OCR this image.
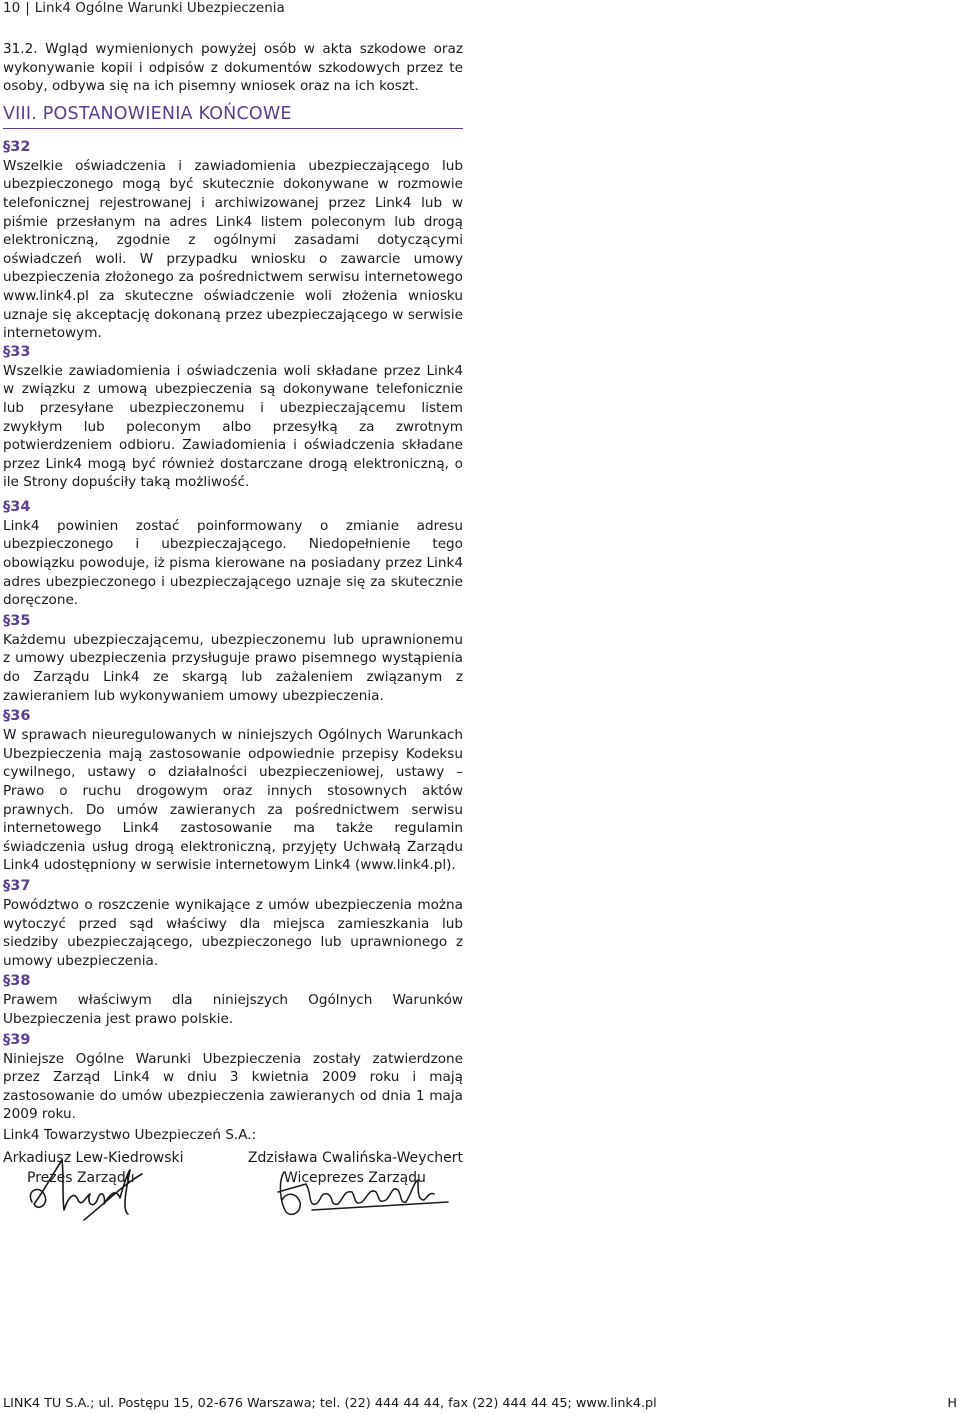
10 | Link4 Ogólne Warunki Ubezpieczenia

31.2. Wgląd wymienionych powyżej osób w akta szkodowe oraz wykonywanie kopii i odpisów z dokumentów szkodowych przez te osoby, odbywa się na ich pisemny wniosek oraz na ich koszt.

VIII. POSTANOWIENIA KOŃCOWE

§32

Wszelkie oświadczenia i zawiadomienia ubezpieczającego lub ubezpieczonego mogą być skutecznie dokonywane w rozmowie telefonicznej rejestrowanej i archiwizowanej przez Link4 lub w piśmie przesłanym na adres Link4 listem poleconym lub drogą elektroniczną, zgodnie z ogólnymi zasadami dotyczącymi oświadczeń woli. W przypadku wniosku o zawarcie umowy ubezpieczenia złożonego za pośrednictwem serwisu internetowego www.link4.pl za skuteczne oświadczenie woli złożenia wniosku uznaje się akceptację dokonaną przez ubezpieczającego w serwisie internetowym.

§33

Wszelkie zawiadomienia i oświadczenia woli składane przez Link4 w związku z umową ubezpieczenia są dokonywane telefonicznie lub przesyłane ubezpieczonemu i ubezpieczającemu listem zwykłym lub poleconym albo przesyłką za zwrotnym potwierdzeniem odbioru. Zawiadomienia i oświadczenia składane przez Link4 mogą być również dostarczane drogą elektroniczną, o ile Strony dopuściły taką możliwość.

§34

Link4 powinien zostać poinformowany o zmianie adresu ubezpieczonego i ubezpieczającego. Niedopełnienie tego obowiązku powoduje, iż pisma kierowane na posiadany przez Link4 adres ubezpieczonego i ubezpieczającego uznaje się za skutecznie doręczone.

§35

Każdemu ubezpieczającemu, ubezpieczonemu lub uprawnionemu z umowy ubezpieczenia przysługuje prawo pisemnego wystąpienia do Zarządu Link4 ze skargą lub zażaleniem związanym z zawieraniem lub wykonywaniem umowy ubezpieczenia.

§36

W sprawach nieuregulowanych w niniejszych Ogólnych Warunkach Ubezpieczenia mają zastosowanie odpowiednie przepisy Kodeksu cywilnego, ustawy o działalności ubezpieczeniowej, ustawy – Prawo o ruchu drogowym oraz innych stosownych aktów prawnych. Do umów zawieranych za pośrednictwem serwisu internetowego Link4 zastosowanie ma także regulamin świadczenia usług drogą elektroniczną, przyjęty Uchwałą Zarządu Link4 udostępniony w serwisie internetowym Link4 (www.link4.pl).

§37

Powództwo o roszczenie wynikające z umów ubezpieczenia można wytoczyć przed sąd właściwy dla miejsca zamieszkania lub siedziby ubezpieczającego, ubezpieczonego lub uprawnionego z umowy ubezpieczenia.

§38

Prawem właściwym dla niniejszych Ogólnych Warunków Ubezpieczenia jest prawo polskie.

§39

Niniejsze Ogólne Warunki Ubezpieczenia zostały zatwierdzone przez Zarząd Link4 w dniu 3 kwietnia 2009 roku i mają zastosowanie do umów ubezpieczenia zawieranych od dnia 1 maja 2009 roku.

Link4 Towarzystwo Ubezpieczeń S.A.:

Arkadiusz Lew-Kiedrowski
Prezes Zarządu
Zdzisława Cwalińska-Weychert
Wiceprezes Zarządu
LINK4 TU S.A.; ul. Postępu 15, 02-676 Warszawa; tel. (22) 444 44 44, fax (22) 444 44 45; www.link4.pl	H
